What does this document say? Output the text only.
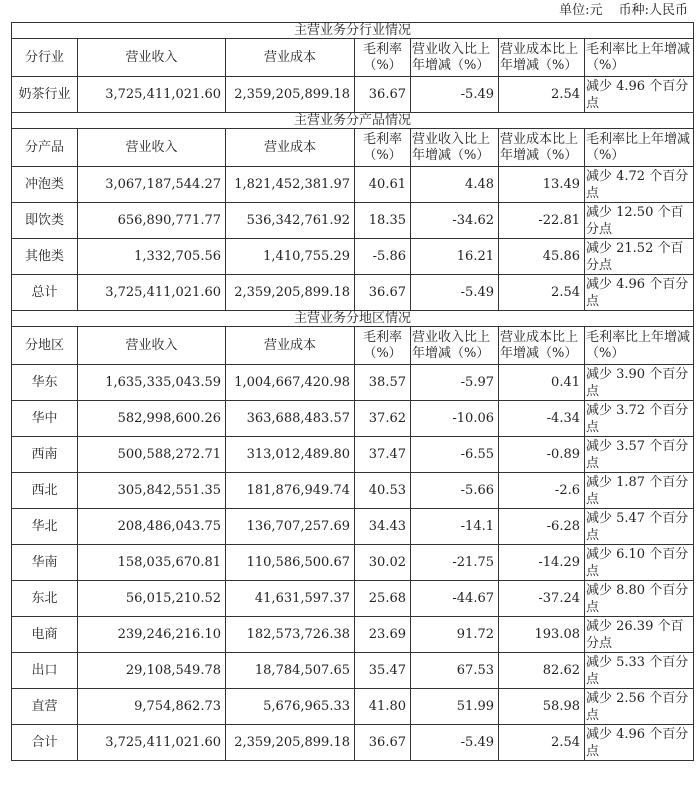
单位:元 币种:人民币
主营业务分行业情况						
分行业	营业收入	营业成本	毛利率（%）	营业收入比上年增减（%）	营业成本比上年增减（%）	毛利率比上年增减（%）
奶茶行业	3,725,411,021.60	2,359,205,899.18	36.67	-5.49	2.54	减少 4.96 个百分点
主营业务分产品情况						
分产品	营业收入	营业成本	毛利率（%）	营业收入比上年增减（%）	营业成本比上年增减（%）	毛利率比上年增减（%）
冲泡类	3,067,187,544.27	1,821,452,381.97	40.61	4.48	13.49	减少 4.72 个百分点
即饮类	656,890,771.77	536,342,761.92	18.35	-34.62	-22.81	减少 12.50 个百分点
其他类	1,332,705.56	1,410,755.29	-5.86	16.21	45.86	减少 21.52 个百分点
总计	3,725,411,021.60	2,359,205,899.18	36.67	-5.49	2.54	减少 4.96 个百分点
主营业务分地区情况						
分地区	营业收入	营业成本	毛利率（%）	营业收入比上年增减（%）	营业成本比上年增减（%）	毛利率比上年增减（%）
华东	1,635,335,043.59	1,004,667,420.98	38.57	-5.97	0.41	减少 3.90 个百分点
华中	582,998,600.26	363,688,483.57	37.62	-10.06	-4.34	减少 3.72 个百分点
西南	500,588,272.71	313,012,489.80	37.47	-6.55	-0.89	减少 3.57 个百分点
西北	305,842,551.35	181,876,949.74	40.53	-5.66	-2.6	减少 1.87 个百分点
华北	208,486,043.75	136,707,257.69	34.43	-14.1	-6.28	减少 5.47 个百分点
华南	158,035,670.81	110,586,500.67	30.02	-21.75	-14.29	减少 6.10 个百分点
东北	56,015,210.52	41,631,597.37	25.68	-44.67	-37.24	减少 8.80 个百分点
电商	239,246,216.10	182,573,726.38	23.69	91.72	193.08	减少 26.39 个百分点
出口	29,108,549.78	18,784,507.65	35.47	67.53	82.62	减少 5.33 个百分点
直营	9,754,862.73	5,676,965.33	41.80	51.99	58.98	减少 2.56 个百分点
合计	3,725,411,021.60	2,359,205,899.18	36.67	-5.49	2.54	减少 4.96 个百分点
